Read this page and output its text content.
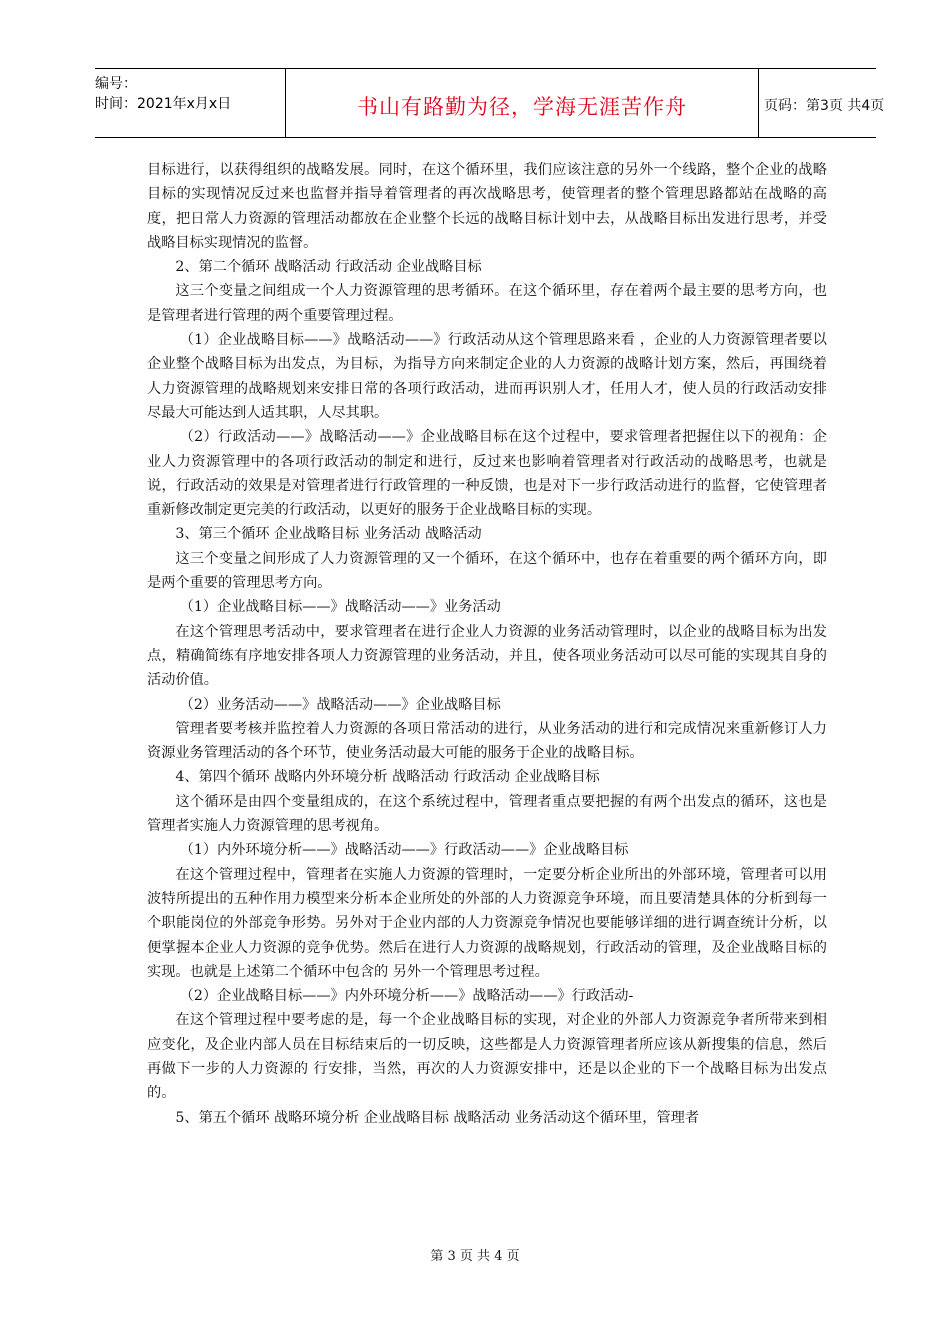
编号：
时间：2021年x月x日	书山有路勤为径，学海无涯苦作舟	页码：第3页 共4页

目标进行，以获得组织的战略发展。同时，在这个循环里，我们应该注意的另外一个线路，整个企业的战略目标的实现情况反过来也监督并指导着管理者的再次战略思考，使管理者的整个管理思路都站在战略的高度，把日常人力资源的管理活动都放在企业整个长远的战略目标计划中去，从战略目标出发进行思考，并受战略目标实现情况的监督。

2、第二个循环 战略活动 行政活动 企业战略目标

这三个变量之间组成一个人力资源管理的思考循环。在这个循环里，存在着两个最主要的思考方向，也是管理者进行管理的两个重要管理过程。

（1）企业战略目标——》战略活动——》行政活动从这个管理思路来看 ，企业的人力资源管理者要以企业整个战略目标为出发点，为目标，为指导方向来制定企业的人力资源的战略计划方案，然后，再围绕着人力资源管理的战略规划来安排日常的各项行政活动，进而再识别人才，任用人才，使人员的行政活动安排尽最大可能达到人适其职，人尽其职。

（2）行政活动——》战略活动——》企业战略目标在这个过程中，要求管理者把握住以下的视角：企业人力资源管理中的各项行政活动的制定和进行，反过来也影响着管理者对行政活动的战略思考，也就是说，行政活动的效果是对管理者进行行政管理的一种反馈，也是对下一步行政活动进行的监督，它使管理者重新修改制定更完美的行政活动，以更好的服务于企业战略目标的实现。

3、第三个循环 企业战略目标 业务活动 战略活动

这三个变量之间形成了人力资源管理的又一个循环，在这个循环中，也存在着重要的两个循环方向，即是两个重要的管理思考方向。

（1）企业战略目标——》战略活动——》业务活动

在这个管理思考活动中，要求管理者在进行企业人力资源的业务活动管理时，以企业的战略目标为出发点，精确简练有序地安排各项人力资源管理的业务活动，并且，使各项业务活动可以尽可能的实现其自身的活动价值。

（2）业务活动——》战略活动——》企业战略目标

管理者要考核并监控着人力资源的各项日常活动的进行，从业务活动的进行和完成情况来重新修订人力资源业务管理活动的各个环节，使业务活动最大可能的服务于企业的战略目标。

4、第四个循环 战略内外环境分析 战略活动 行政活动 企业战略目标

这个循环是由四个变量组成的，在这个系统过程中，管理者重点要把握的有两个出发点的循环，这也是管理者实施人力资源管理的思考视角。

（1）内外环境分析——》战略活动——》行政活动——》企业战略目标

在这个管理过程中，管理者在实施人力资源的管理时，一定要分析企业所出的外部环境，管理者可以用波特所提出的五种作用力模型来分析本企业所处的外部的人力资源竞争环境，而且要清楚具体的分析到每一个职能岗位的外部竞争形势。另外对于企业内部的人力资源竞争情况也要能够详细的进行调查统计分析，以便掌握本企业人力资源的竞争优势。然后在进行人力资源的战略规划，行政活动的管理，及企业战略目标的实现。也就是上述第二个循环中包含的 另外一个管理思考过程。

（2）企业战略目标——》内外环境分析——》战略活动——》行政活动-

在这个管理过程中要考虑的是，每一个企业战略目标的实现，对企业的外部人力资源竞争者所带来到相应变化，及企业内部人员在目标结束后的一切反映，这些都是人力资源管理者所应该从新搜集的信息，然后再做下一步的人力资源的 行安排，当然，再次的人力资源安排中，还是以企业的下一个战略目标为出发点的。

5、第五个循环 战略环境分析 企业战略目标 战略活动 业务活动这个循环里，管理者

第 3 页 共 4 页
